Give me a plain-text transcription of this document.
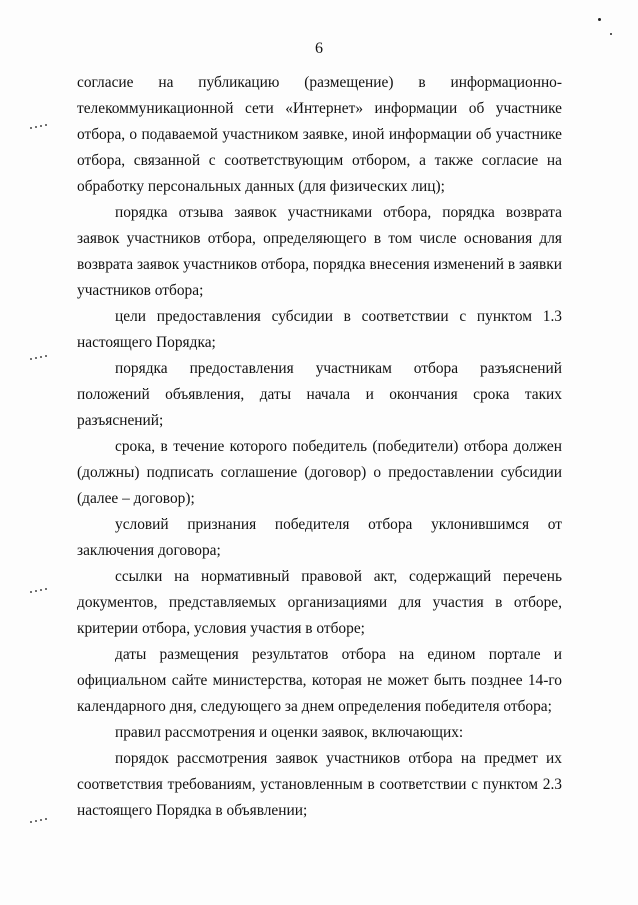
6

согласие на публикацию (размещение) в информационно-
телекоммуникационной сети «Интернет» информации об участнике отбора, о подаваемой участником заявке, иной информации об участнике отбора, связанной с соответствующим отбором, а также согласие на обработку персональных данных (для физических лиц);

порядка отзыва заявок участниками отбора, порядка возврата заявок участников отбора, определяющего в том числе основания для возврата заявок участников отбора, порядка внесения изменений в заявки участников отбора;

цели предоставления субсидии в соответствии с пунктом 1.3 настоящего Порядка;

порядка предоставления участникам отбора разъяснений положений объявления, даты начала и окончания срока таких разъяснений;

срока, в течение которого победитель (победители) отбора должен (должны) подписать соглашение (договор) о предоставлении субсидии (далее – договор);

условий признания победителя отбора уклонившимся от заключения договора;

ссылки на нормативный правовой акт, содержащий перечень документов, представляемых организациями для участия в отборе, критерии отбора, условия участия в отборе;

даты размещения результатов отбора на едином портале и официальном сайте министерства, которая не может быть позднее 14-го календарного дня, следующего за днем определения победителя отбора;

правил рассмотрения и оценки заявок, включающих:

порядок рассмотрения заявок участников отбора на предмет их соответствия требованиям, установленным в соответствии с пунктом 2.3 настоящего Порядка в объявлении;
